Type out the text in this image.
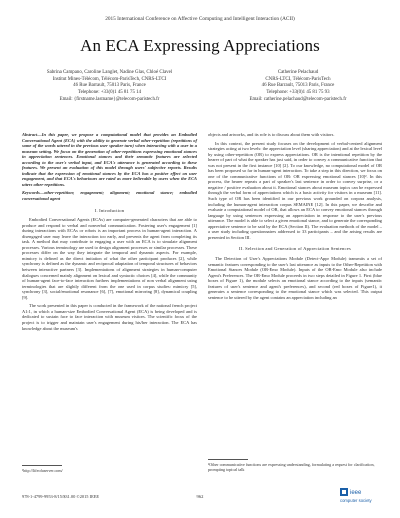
2015 International Conference on Affective Computing and Intelligent Interaction (ACII)
An ECA Expressing Appreciations
Sabrina Campano, Caroline Langlet, Nadine Glas, Chloé Clavel
Institut Mines-Télécom, Télécom-ParisTech, CNRS-LTCI
46 Rue Barrault, 75013 Paris, France
Telephone: +33(0)1 45 81 75 14
Email: {firstname.lastname}@telecom-paristech.fr
Catherine Pelachaud
CNRS-LTCI, Télécom-ParisTech
46 Rue Barrault, 75013 Paris, France
Telephone: +33(0)1 45 81 75 93
Email: catherine.pelachaud@telecom-paristech.fr

Abstract—In this paper, we propose a computational model that provides an Embodied Conversational Agent (ECA) with the ability to generate verbal other-repetition (repetitions of some of the words uttered in the previous user speaker turn) when interacting with a user in a museum setting. We focus on the generation of other-repetitions expressing emotional stances in appreciation sentences. Emotional stances and their semantic features are selected according to the user's verbal input, and ECA's utterance is generated according to these features. We present an evaluation of this model through users' subjective reports. Results indicate that the expression of emotional stances by the ECA has a positive effect on user engagement, and that ECA's behaviours are rated as more believable by users when the ECA utters other-repetitions.

Keywords—other-repetition; engagement; alignment; emotional stance; embodied conversational agent

I. Introduction

Embodied Conversational Agents (ECAs) are computer-generated characters that are able to produce and respond to verbal and nonverbal communication. Fostering user's engagement [1] during interactions with ECAs or robots is an important process in human-agent interaction. A disengaged user may leave the interaction too early, and prevents the agent from completing its task. A method that may contribute to engaging a user with an ECA is to simulate alignment processes. Various terminology are used to design alignment processes or similar processes. These processes differ on the way they integrate the temporal and dynamic aspects. For example, mimicry is defined as the direct imitation of what the other participant produces [2], while synchrony is defined as the dynamic and reciprocal adaptation of temporal structures of behaviors between interactive partners [3]. Implementations of alignment strategies in human-computer dialogues concerned mainly alignment on lexical and syntactic choices [4], while the community of human-agent face-to-face interaction furthers implementations of non verbal alignment using terminologies that are slightly different from the one used in corpus studies: mimicry [5], synchrony [3], social/emotional resonance [6], [7], emotional mirroring [8], dynamical coupling [9].

The work presented in this paper is conducted in the framework of the national french project A1:1, in which a human-size Embodied Conversational Agent (ECA) is being developed and is dedicated to sustain face to face interaction with museum visitors. The scientific focus of the project is to trigger and maintain user's engagement during his/her interaction. The ECA has knowledge about the museum's

¹http://lifeofaserver.com/

objects and artworks, and its role is to discuss about them with visitors.

In this context, the present study focuses on the development of verbal-centred alignment strategies acting at two levels: the appreciation level (sharing appreciation) and at the lexical level by using other-repetition (OR) to express appreciations. OR is the intentional repetition by the hearer of part of what the speaker has just said, in order to convey a communicative function that was not present in the first instance [10] [2]. To our knowledge, no computational model of OR has been proposed so far in human-agent interaction. To take a step in this direction, we focus on one of the communicative functions of OR: OR expressing emotional stances [10]². In this process, the hearer repeats a part of speaker's last sentence in order to convey surprise, or a negative / positive evaluation about it. Emotional stances about museum topics can be expressed through the verbal form of appreciations which is a basic activity for visitors in a museum [11]. Such type of OR has been identified in our previous work grounded on corpora analysis, including the human-agent interaction corpus SEMAINE [12]. In this paper, we describe and evaluate a computational model of OR, that allows an ECA to convey emotional stances through language by using sentences expressing an appreciation in response to the user's previous utterance. The model is able to select a given emotional stance, and to generate the corresponding appreciative sentence to be said by the ECA (Section II). The evaluation methods of the model – a user study including questionnaires addressed to 33 participants – and the arising results are presented in Section III.

II. Selection and Generation of Appreciation Sentences

The Detection of User's Appreciations Module (Detect-Appr Module) transmits a set of semantic features corresponding to the user's last utterance as inputs to the Other-Repetition with Emotional Stances Module (OR-Emo Module). Inputs of the OR-Emo Module also include Agent's Preferences. The OR-Emo Module proceeds in two steps detailed in Figure 1. First (blue boxes of Figure 1), the module selects an emotional stance according to the inputs (semantic features of user's sentence and agent's preferences), and second (red boxes of Figure1), it generates a sentence corresponding to the emotional stance which was selected. This output sentence to be uttered by the agent contains an appreciation including an

²Other communicative functions are expressing understanding, formulating a request for clarification, prompting topical talk
978-1-4799-9953-8/15/$31.00 ©2015 IEEE	962
ieee
computer society
